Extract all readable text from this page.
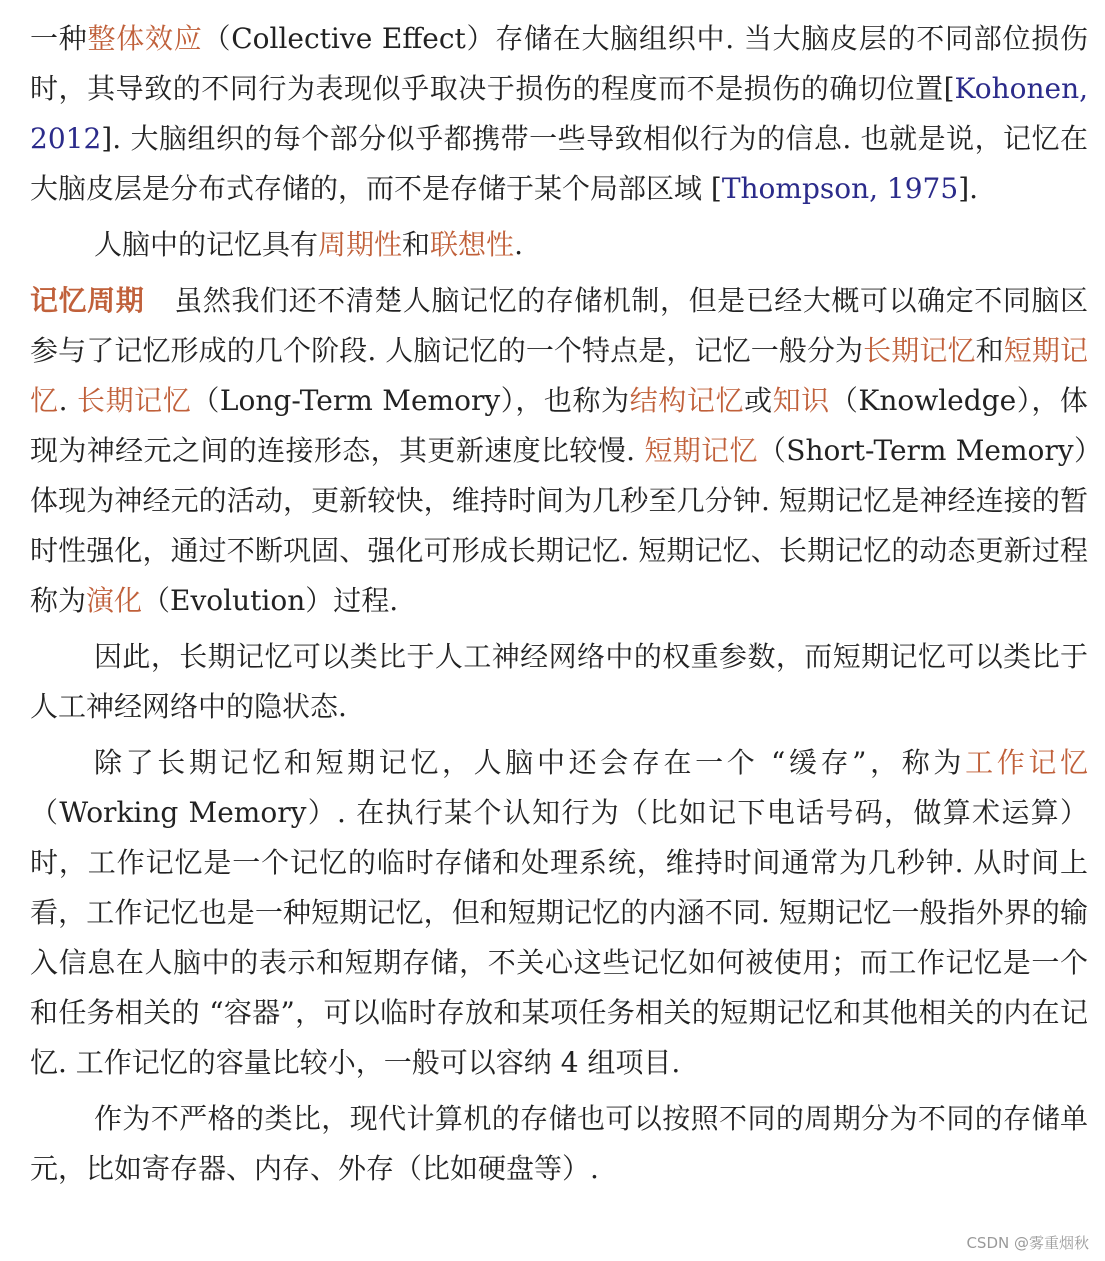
一种整体效应（Collective Effect）存储在大脑组织中. 当大脑皮层的不同部位损伤时，其导致的不同行为表现似乎取决于损伤的程度而不是损伤的确切位置[Kohonen, 2012]. 大脑组织的每个部分似乎都携带一些导致相似行为的信息. 也就是说，记忆在大脑皮层是分布式存储的，而不是存储于某个局部区域 [Thompson, 1975].

人脑中的记忆具有周期性和联想性.

记忆周期 虽然我们还不清楚人脑记忆的存储机制，但是已经大概可以确定不同脑区参与了记忆形成的几个阶段. 人脑记忆的一个特点是，记忆一般分为长期记忆和短期记忆. 长期记忆（Long-Term Memory），也称为结构记忆或知识（Knowledge），体现为神经元之间的连接形态，其更新速度比较慢. 短期记忆（Short-Term Memory）体现为神经元的活动，更新较快，维持时间为几秒至几分钟. 短期记忆是神经连接的暂时性强化，通过不断巩固、强化可形成长期记忆. 短期记忆、长期记忆的动态更新过程称为演化（Evolution）过程.

因此，长期记忆可以类比于人工神经网络中的权重参数，而短期记忆可以类比于人工神经网络中的隐状态.

除了长期记忆和短期记忆，人脑中还会存在一个 “缓存”，称为工作记忆（Working Memory）. 在执行某个认知行为（比如记下电话号码，做算术运算）时，工作记忆是一个记忆的临时存储和处理系统，维持时间通常为几秒钟. 从时间上看，工作记忆也是一种短期记忆，但和短期记忆的内涵不同. 短期记忆一般指外界的输入信息在人脑中的表示和短期存储，不关心这些记忆如何被使用；而工作记忆是一个和任务相关的 “容器”，可以临时存放和某项任务相关的短期记忆和其他相关的内在记忆. 工作记忆的容量比较小，一般可以容纳 4 组项目.

作为不严格的类比，现代计算机的存储也可以按照不同的周期分为不同的存储单元，比如寄存器、内存、外存（比如硬盘等）.

CSDN @雾重烟秋
